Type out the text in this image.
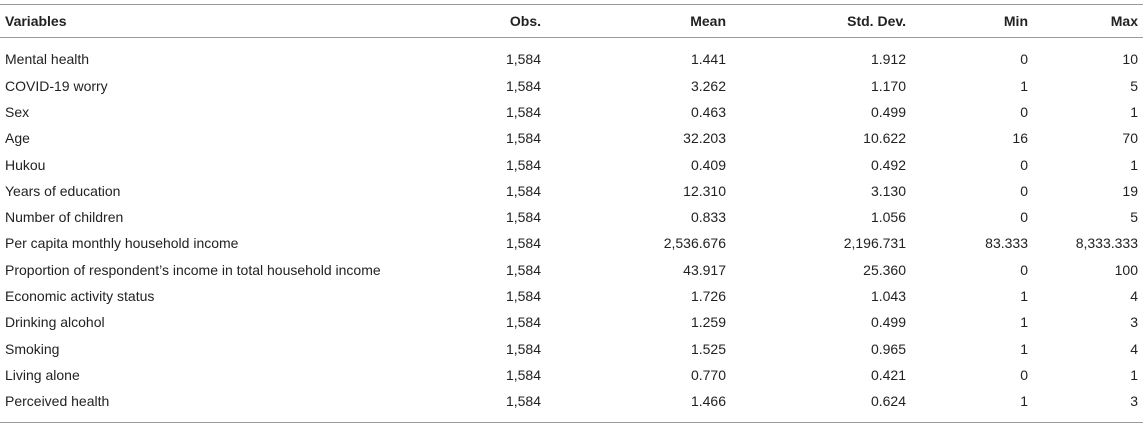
Variables	Obs.	Mean	Std. Dev.	Min	Max
Mental health	1,584	1.441	1.912	0	10
COVID-19 worry	1,584	3.262	1.170	1	5
Sex	1,584	0.463	0.499	0	1
Age	1,584	32.203	10.622	16	70
Hukou	1,584	0.409	0.492	0	1
Years of education	1,584	12.310	3.130	0	19
Number of children	1,584	0.833	1.056	0	5
Per capita monthly household income	1,584	2,536.676	2,196.731	83.333	8,333.333
Proportion of respondent’s income in total household income	1,584	43.917	25.360	0	100
Economic activity status	1,584	1.726	1.043	1	4
Drinking alcohol	1,584	1.259	0.499	1	3
Smoking	1,584	1.525	0.965	1	4
Living alone	1,584	0.770	0.421	0	1
Perceived health	1,584	1.466	0.624	1	3
